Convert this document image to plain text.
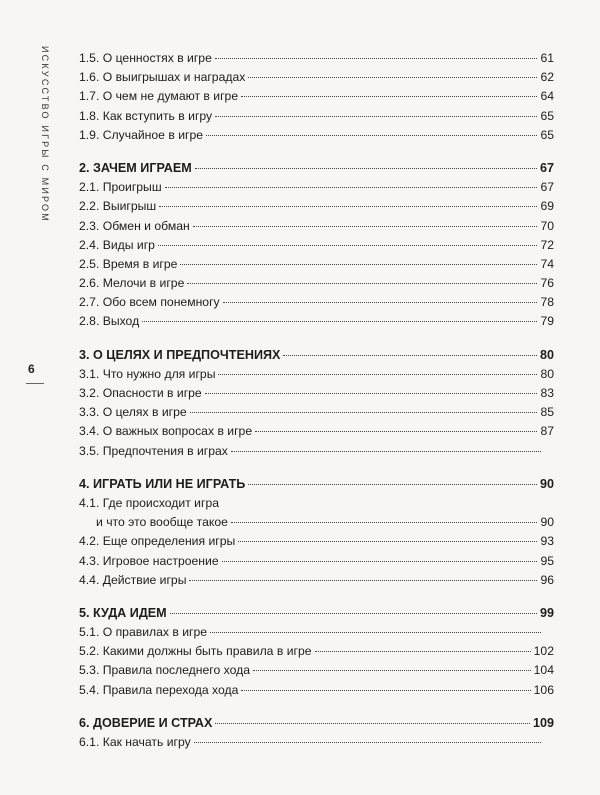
ИСКУССТВО ИГРЫ С МИРОМ
6
1.5. О ценностях в игре	61
1.6. О выигрышах и наградах	62
1.7. О чем не думают в игре	64
1.8. Как вступить в игру	65
1.9. Случайное в игре	65
2. ЗАЧЕМ ИГРАЕМ	67
2.1. Проигрыш	67
2.2. Выигрыш	69
2.3. Обмен и обман	70
2.4. Виды игр	72
2.5. Время в игре	74
2.6. Мелочи в игре	76
2.7. Обо всем понемногу	78
2.8. Выход	79
3. О ЦЕЛЯХ И ПРЕДПОЧТЕНИЯХ	80
3.1. Что нужно для игры	80
3.2. Опасности в игре	83
3.3. О целях в игре	85
3.4. О важных вопросах в игре	87
3.5. Предпочтения в играх
4. ИГРАТЬ ИЛИ НЕ ИГРАТЬ	90
4.1. Где происходит игра
и что это вообще такое	90
4.2. Еще определения игры	93
4.3. Игровое настроение	95
4.4. Действие игры	96
5. КУДА ИДЕМ	99
5.1. О правилах в игре
5.2. Какими должны быть правила в игре	102
5.3. Правила последнего хода	104
5.4. Правила перехода хода	106
6. ДОВЕРИЕ И СТРАХ	109
6.1. Как начать игру
